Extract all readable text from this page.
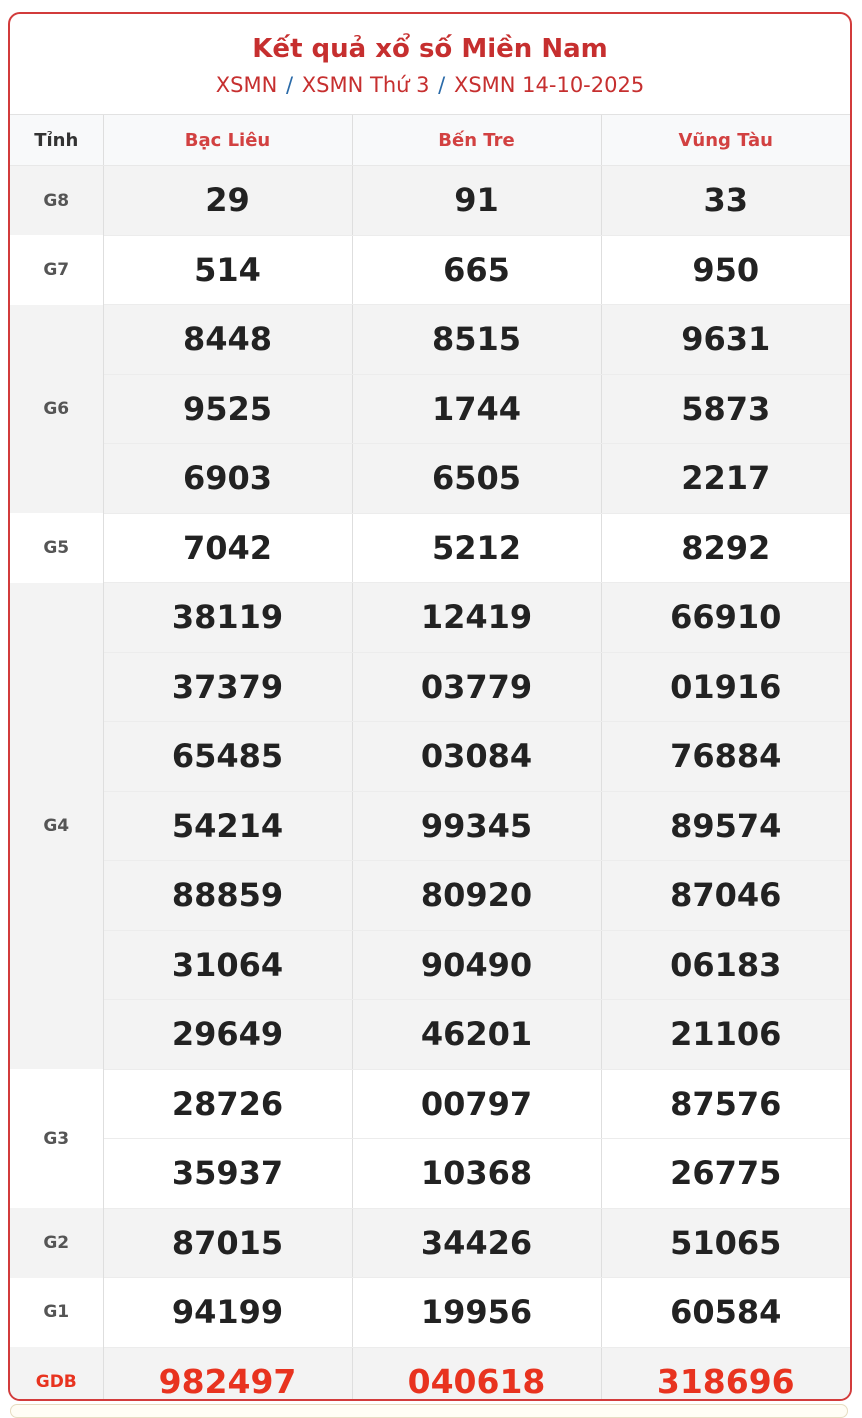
Kết quả xổ số Miền Nam
XSMN / XSMN Thứ 3 / XSMN 14-10-2025
Tỉnh	Bạc Liêu	Bến Tre	Vũng Tàu
G8	29	91	33
G7	514	665	950
G6	8448	8515	9631
	9525	1744	5873
	6903	6505	2217
G5	7042	5212	8292
G4	38119	12419	66910
	37379	03779	01916
	65485	03084	76884
	54214	99345	89574
	88859	80920	87046
	31064	90490	06183
	29649	46201	21106
G3	28726	00797	87576
	35937	10368	26775
G2	87015	34426	51065
G1	94199	19956	60584
GDB	982497	040618	318696
